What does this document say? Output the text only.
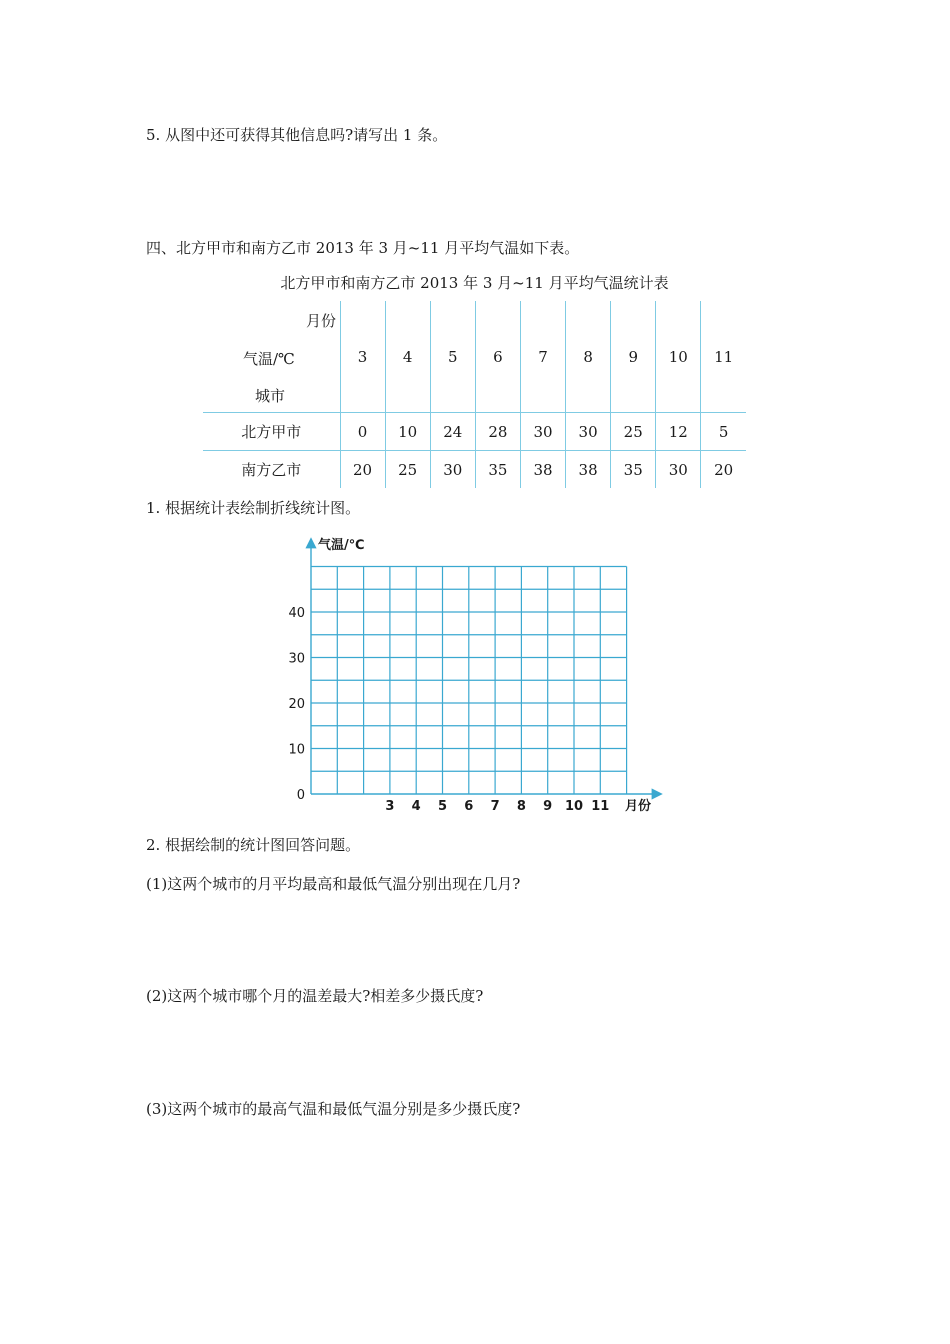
5. 从图中还可获得其他信息吗?请写出 1 条。
四、北方甲市和南方乙市 2013 年 3 月~11 月平均气温如下表。
北方甲市和南方乙市 2013 年 3 月~11 月平均气温统计表
月份
气温/℃
城市	3	4	5	6	7	8	9	10	11
北方甲市	0	10	24	28	30	30	25	12	5
南方乙市	20	25	30	35	38	38	35	30	20
1. 根据统计表绘制折线统计图。
气温/℃
月份
0
10
20
30
40
3 4 5 6 7 8 9 10 11
2. 根据绘制的统计图回答问题。
(1)这两个城市的月平均最高和最低气温分别出现在几月?
(2)这两个城市哪个月的温差最大?相差多少摄氏度?
(3)这两个城市的最高气温和最低气温分别是多少摄氏度?
